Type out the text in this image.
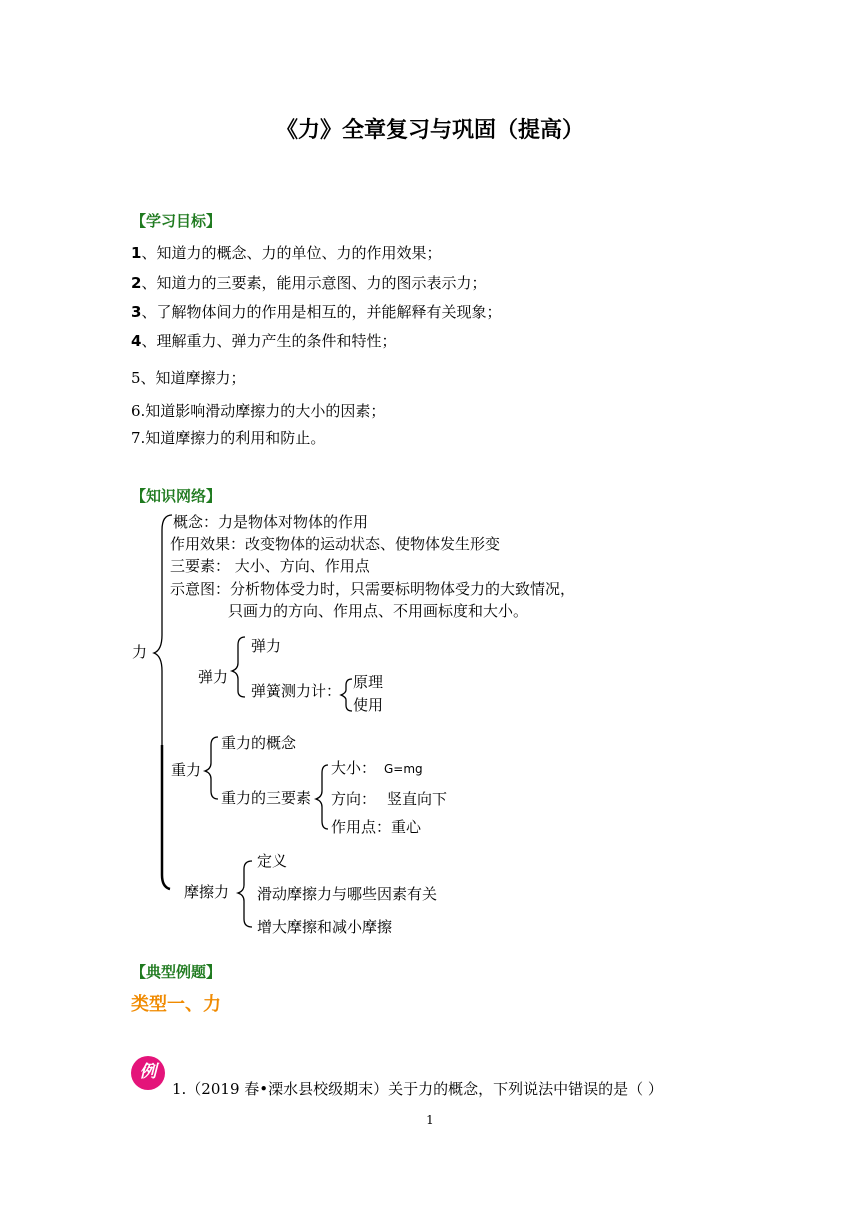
《力》全章复习与巩固（提高）
【学习目标】
1、知道力的概念、力的单位、力的作用效果；
2、知道力的三要素，能用示意图、力的图示表示力；
3、了解物体间力的作用是相互的，并能解释有关现象；
4、理解重力、弹力产生的条件和特性；
5、知道摩擦力；
6.知道影响滑动摩擦力的大小的因素；
7.知道摩擦力的利用和防止。
【知识网络】
力
概念：力是物体对物体的作用
作用效果：改变物体的运动状态、使物体发生形变
三要素： 大小、方向、作用点
示意图：分析物体受力时，只需要标明物体受力的大致情况，
只画力的方向、作用点、不用画标度和大小。
弹力
弹力
弹簧测力计： 原理
使用
重力
重力的概念
重力的三要素
大小： G=mg
方向： 竖直向下
作用点：重心
摩擦力
定义
滑动摩擦力与哪些因素有关
增大摩擦和减小摩擦
【典型例题】
类型一、力
例
1.（2019 春•溧水县校级期末）关于力的概念，下列说法中错误的是（ ）
1
